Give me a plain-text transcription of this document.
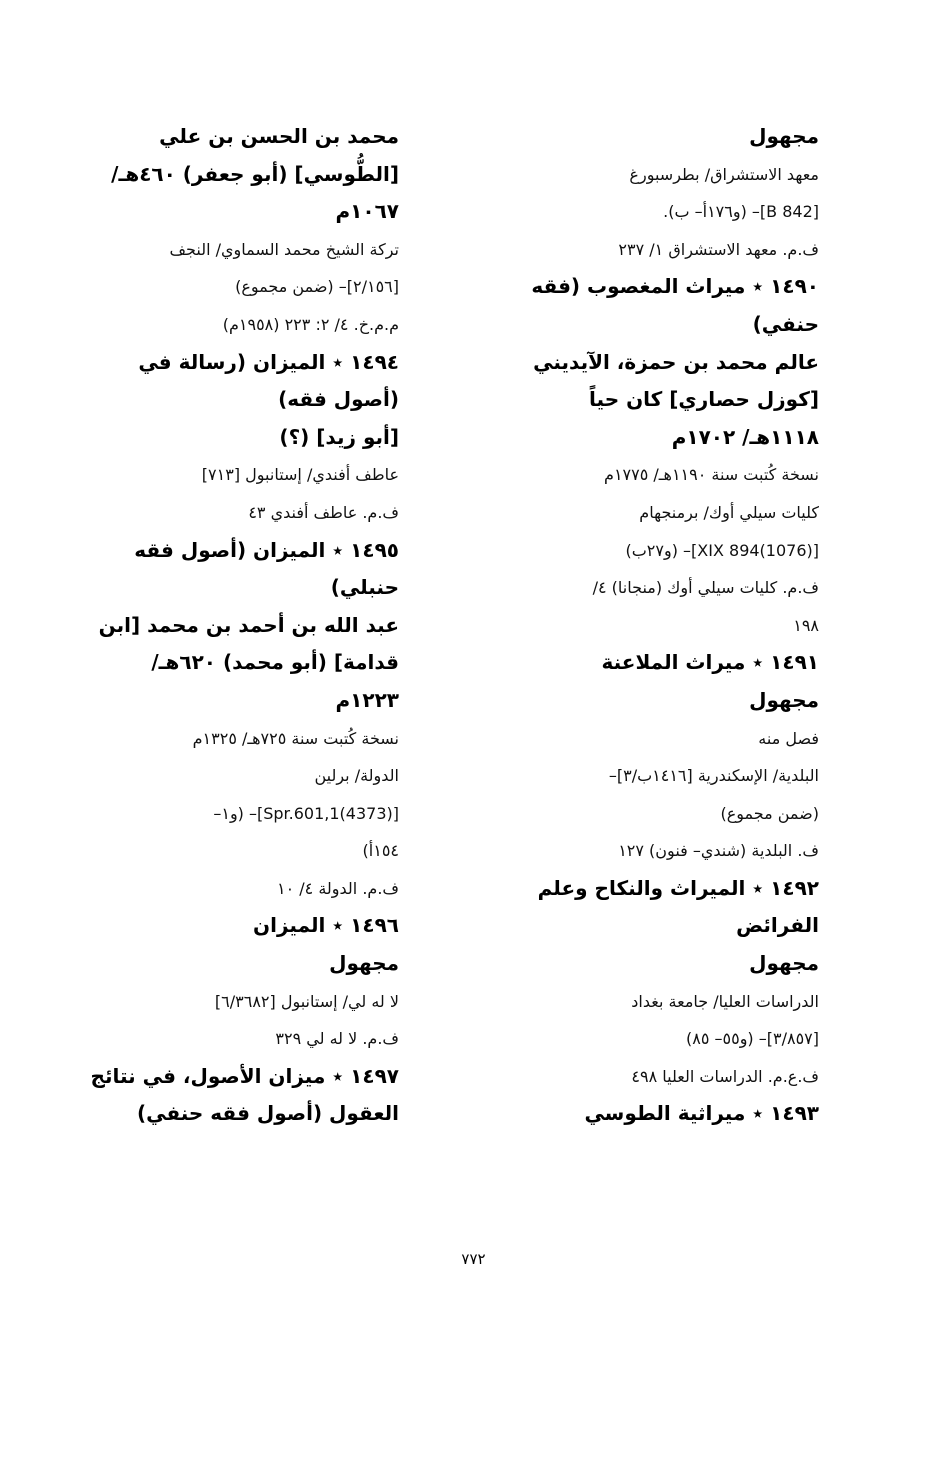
مجهول
معهد الاستشراق/ بطرسبورغ
[B 842]– (و١٧٦أ– ب).
ف.م. معهد الاستشراق ١/ ٢٣٧
١٤٩٠ ٭ ميراث المغصوب (فقه
حنفي)
عالم محمد بن حمزة، الآيديني
[كوزل حصاري] كان حياً
١١١٨هـ/ ١٧٠٢م
نسخة كُتبت سنة ١١٩٠هـ/ ١٧٧٥م
كليات سيلي أوك/ برمنجهام
[XIX 894(1076)]– (و٢٧ب)
ف.م. كليات سيلي أوك (منجانا) ٤/
١٩٨
١٤٩١ ٭ ميراث الملاعنة
مجهول
فصل منه
البلدية/ الإسكندرية [١٤١٦ب/٣]–
(ضمن مجموع)
ف. البلدية (شندي– فنون) ١٢٧
١٤٩٢ ٭ الميراث والنكاح وعلم
الفرائض
مجهول
الدراسات العليا/ جامعة بغداد
[٣/٨٥٧]– (و٥٥– ٨٥)
ف.ع.م. الدراسات العليا ٤٩٨
١٤٩٣ ٭ ميراثية الطوسي
محمد بن الحسن بن علي
[الطُّوسي] (أبو جعفر) ٤٦٠هـ/
١٠٦٧م
تركة الشيخ محمد السماوي/ النجف
[٢/١٥٦]– (ضمن مجموع)
م.م.خ. ٤/ ٢: ٢٢٣ (١٩٥٨م)
١٤٩٤ ٭ الميزان (رسالة في
(أصول فقه)
[أبو زيد] (؟)
عاطف أفندي/ إستانبول [٧١٣]
ف.م. عاطف أفندي ٤٣
١٤٩٥ ٭ الميزان (أصول فقه
حنبلي)
عبد الله بن أحمد بن محمد [ابن
قدامة] (أبو محمد) ٦٢٠هـ/
١٢٢٣م
نسخة كُتبت سنة ٧٢٥هـ/ ١٣٢٥م
الدولة/ برلين
[Spr.601,1(4373)]– (و١–
١٥٤أ)
ف.م. الدولة ٤/ ١٠
١٤٩٦ ٭ الميزان
مجهول
لا له لي/ إستانبول [٦/٣٦٨٢]
ف.م. لا له لي ٣٢٩
١٤٩٧ ٭ ميزان الأصول، في نتائج
العقول (أصول فقه حنفي)
٧٧٢
